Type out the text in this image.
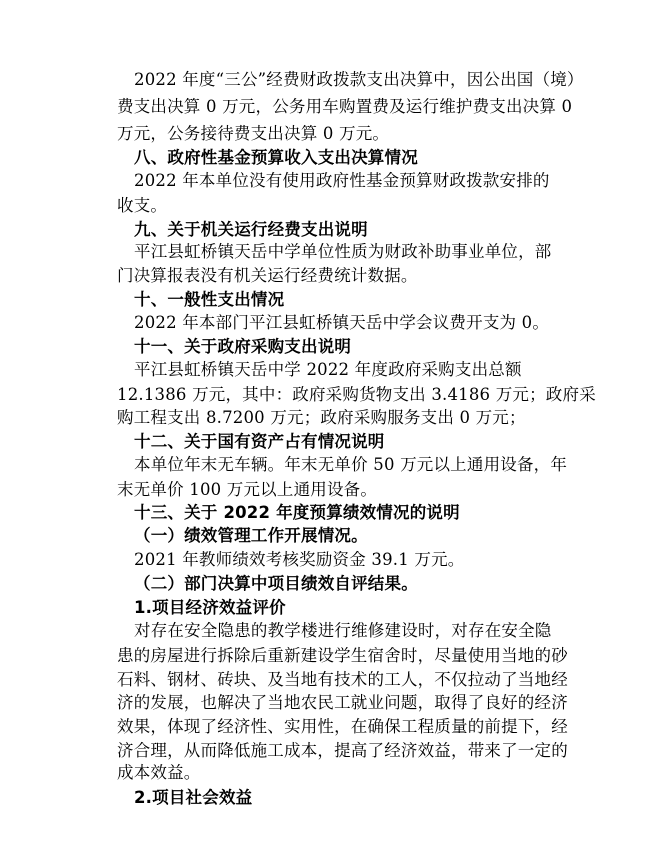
2022 年度“三公”经费财政拨款支出决算中，因公出国（境）
费支出决算 0 万元，公务用车购置费及运行维护费支出决算 0
万元，公务接待费支出决算 0 万元。
八、政府性基金预算收入支出决算情况
2022 年本单位没有使用政府性基金预算财政拨款安排的
收支。
九、关于机关运行经费支出说明
平江县虹桥镇天岳中学单位性质为财政补助事业单位，部
门决算报表没有机关运行经费统计数据。
十、一般性支出情况
2022 年本部门平江县虹桥镇天岳中学会议费开支为 0。
十一、关于政府采购支出说明
平江县虹桥镇天岳中学 2022 年度政府采购支出总额
12.1386 万元，其中：政府采购货物支出 3.4186 万元；政府采
购工程支出 8.7200 万元；政府采购服务支出 0 万元；
十二、关于国有资产占有情况说明
本单位年末无车辆。年末无单价 50 万元以上通用设备，年
末无单价 100 万元以上通用设备。
十三、关于 2022 年度预算绩效情况的说明
（一）绩效管理工作开展情况。
2021 年教师绩效考核奖励资金 39.1 万元。
（二）部门决算中项目绩效自评结果。
1.项目经济效益评价
对存在安全隐患的教学楼进行维修建设时，对存在安全隐
患的房屋进行拆除后重新建设学生宿舍时，尽量使用当地的砂
石料、钢材、砖块、及当地有技术的工人，不仅拉动了当地经
济的发展，也解决了当地农民工就业问题，取得了良好的经济
效果，体现了经济性、实用性，在确保工程质量的前提下，经
济合理，从而降低施工成本，提高了经济效益，带来了一定的
成本效益。
2.项目社会效益
